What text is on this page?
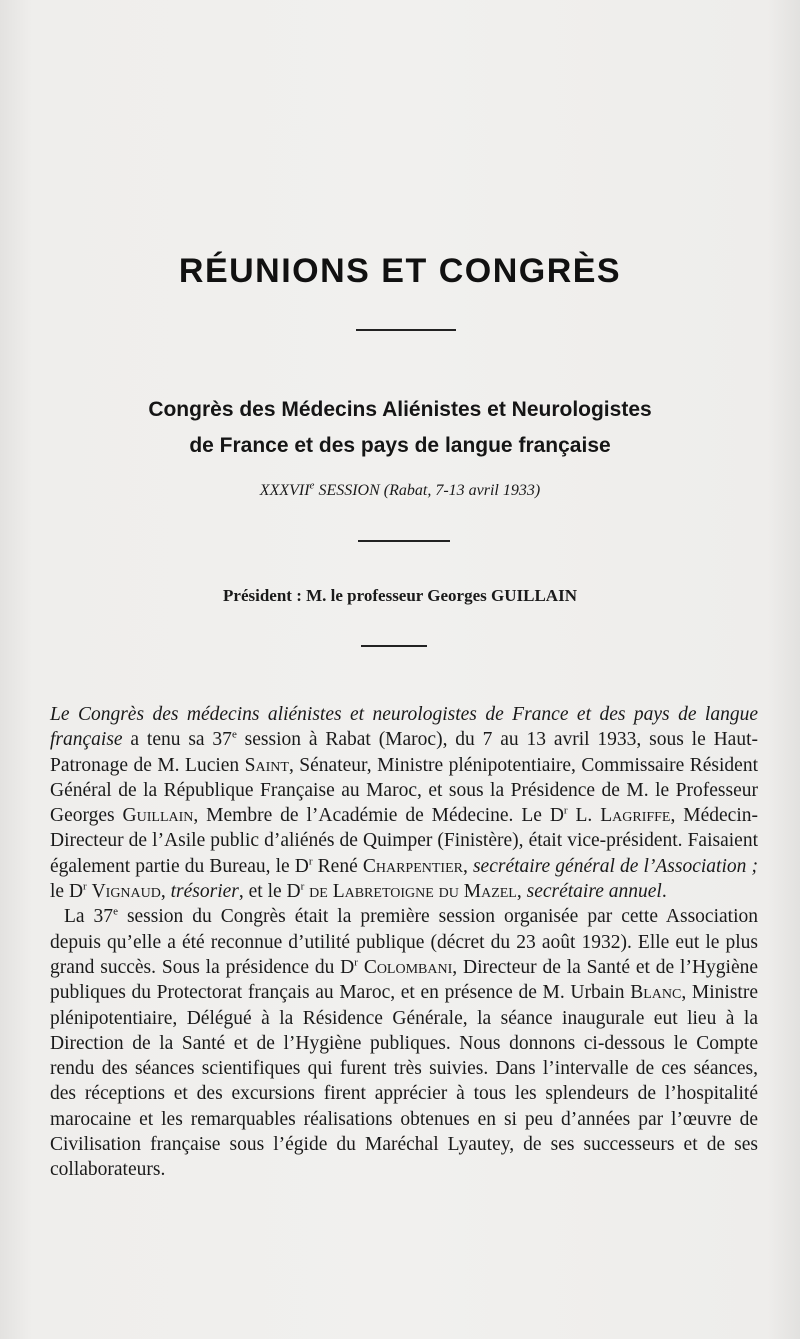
RÉUNIONS ET CONGRÈS
Congrès des Médecins Aliénistes et Neurologistes
de France et des pays de langue française
XXXVIIe SESSION (Rabat, 7-13 avril 1933)
Président : M. le professeur Georges GUILLAIN

Le Congrès des médecins aliénistes et neurologistes de France et des pays de langue française a tenu sa 37e session à Rabat (Maroc), du 7 au 13 avril 1933, sous le Haut-Patronage de M. Lucien Saint, Sénateur, Ministre plénipotentiaire, Commissaire Résident Général de la République Française au Maroc, et sous la Présidence de M. le Professeur Georges Guillain, Membre de l’Académie de Médecine. Le $D^r$ L. Lagriffe, Médecin-Directeur de l’Asile public d’aliénés de Quimper (Finistère), était vice-président. Faisaient également partie du Bureau, le $D^r$ René Charpentier, secrétaire général de l’Association ; le $D^r$ Vignaud, trésorier, et le $D^r$ de Labretoigne du Mazel, secrétaire annuel.

La 37e session du Congrès était la première session organisée par cette Association depuis qu’elle a été reconnue d’utilité publique (décret du 23 août 1932). Elle eut le plus grand succès. Sous la présidence du $D^r$ Colombani, Directeur de la Santé et de l’Hygiène publiques du Protectorat français au Maroc, et en présence de M. Urbain Blanc, Ministre plénipotentiaire, Délégué à la Résidence Générale, la séance inaugurale eut lieu à la Direction de la Santé et de l’Hygiène publiques. Nous donnons ci-dessous le Compte rendu des séances scientifiques qui furent très suivies. Dans l’intervalle de ces séances, des réceptions et des excursions firent apprécier à tous les splendeurs de l’hospitalité marocaine et les remarquables réalisations obtenues en si peu d’années par l’œuvre de Civilisation française sous l’égide du Maréchal Lyautey, de ses successeurs et de ses collaborateurs.
